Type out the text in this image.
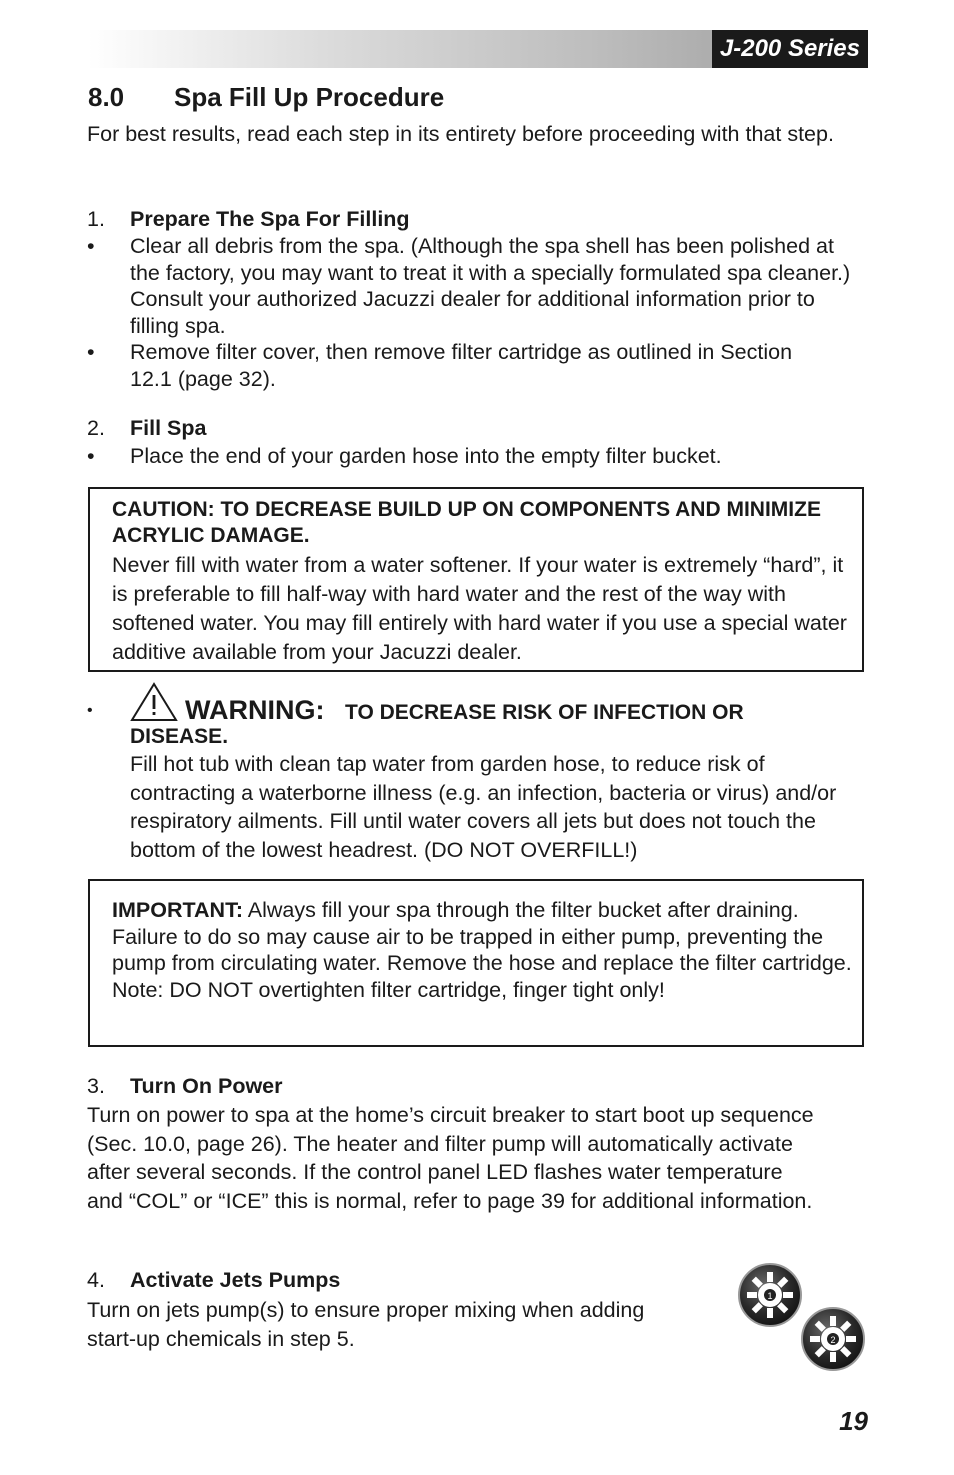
J-200 Series
8.0 Spa Fill Up Procedure
For best results, read each step in its entirety before proceeding with that step.
1. Prepare The Spa For Filling
• Clear all debris from the spa. (Although the spa shell has been polished at the factory, you may want to treat it with a specially formulated spa cleaner.) Consult your authorized Jacuzzi dealer for additional information prior to filling spa.
• Remove filter cover, then remove filter cartridge as outlined in Section 12.1 (page 32).
2. Fill Spa
• Place the end of your garden hose into the empty filter bucket.
CAUTION: TO DECREASE BUILD UP ON COMPONENTS AND MINIMIZE ACRYLIC DAMAGE.
Never fill with water from a water softener. If your water is extremely “hard”, it is preferable to fill half-way with hard water and the rest of the way with softened water. You may fill entirely with hard water if you use a special water additive available from your Jacuzzi dealer.
•	WARNING: TO DECREASE RISK OF INFECTION OR
DISEASE.
Fill hot tub with clean tap water from garden hose, to reduce risk of contracting a waterborne illness (e.g. an infection, bacteria or virus) and/or respiratory ailments. Fill until water covers all jets but does not touch the bottom of the lowest headrest. (DO NOT OVERFILL!)
IMPORTANT: Always fill your spa through the filter bucket after draining. Failure to do so may cause air to be trapped in either pump, preventing the pump from circulating water. Remove the hose and replace the filter cartridge. Note: DO NOT overtighten filter cartridge, finger tight only!
3. Turn On Power
Turn on power to spa at the home’s circuit breaker to start boot up sequence (Sec. 10.0, page 26). The heater and filter pump will automatically activate after several seconds. If the control panel LED flashes water temperature and “COL” or “ICE” this is normal, refer to page 39 for additional information.
4. Activate Jets Pumps
Turn on jets pump(s) to ensure proper mixing when adding start-up chemicals in step 5.
1
2
19
